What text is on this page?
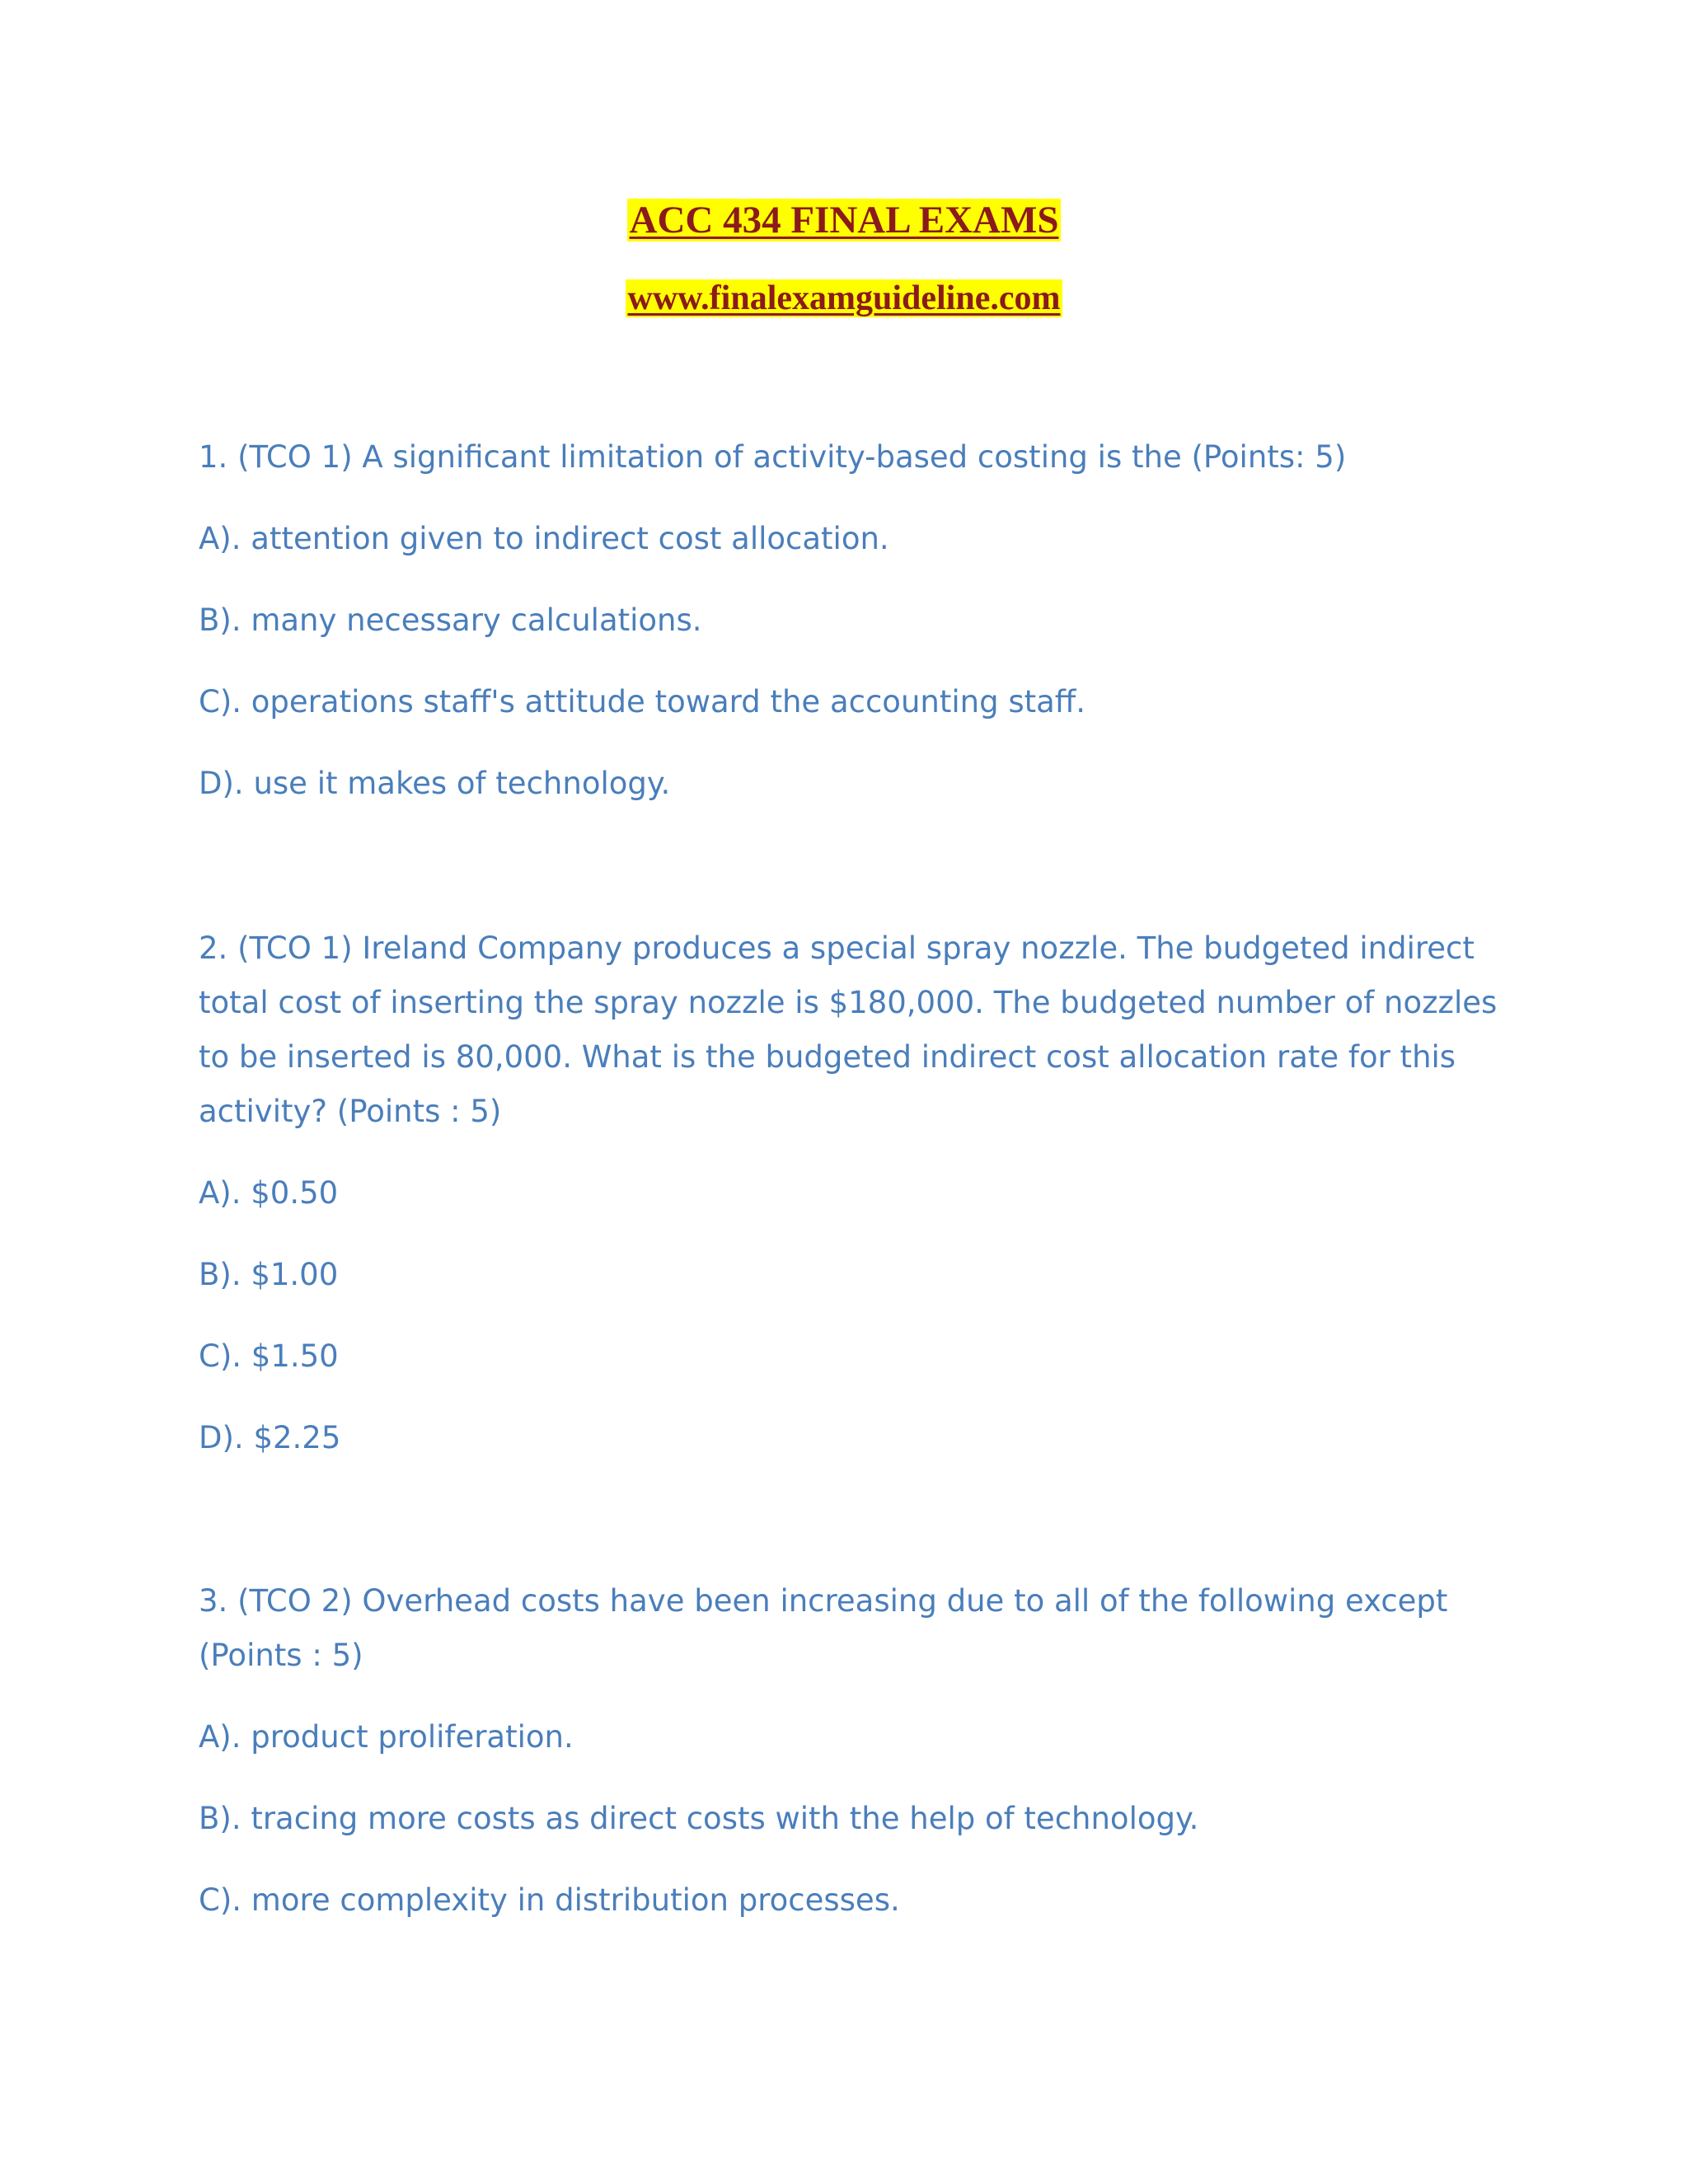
ACC 434 FINAL EXAMS
www.finalexamguideline.com
1. (TCO 1) A significant limitation of activity-based costing is the (Points: 5)
A). attention given to indirect cost allocation.
B). many necessary calculations.
C). operations staff's attitude toward the accounting staff.
D). use it makes of technology.
2. (TCO 1) Ireland Company produces a special spray nozzle. The budgeted indirect total cost of inserting the spray nozzle is $180,000. The budgeted number of nozzles to be inserted is 80,000. What is the budgeted indirect cost allocation rate for this activity? (Points : 5)
A). $0.50
B). $1.00
C). $1.50
D). $2.25
3. (TCO 2) Overhead costs have been increasing due to all of the following except (Points : 5)
A). product proliferation.
B). tracing more costs as direct costs with the help of technology.
C). more complexity in distribution processes.
